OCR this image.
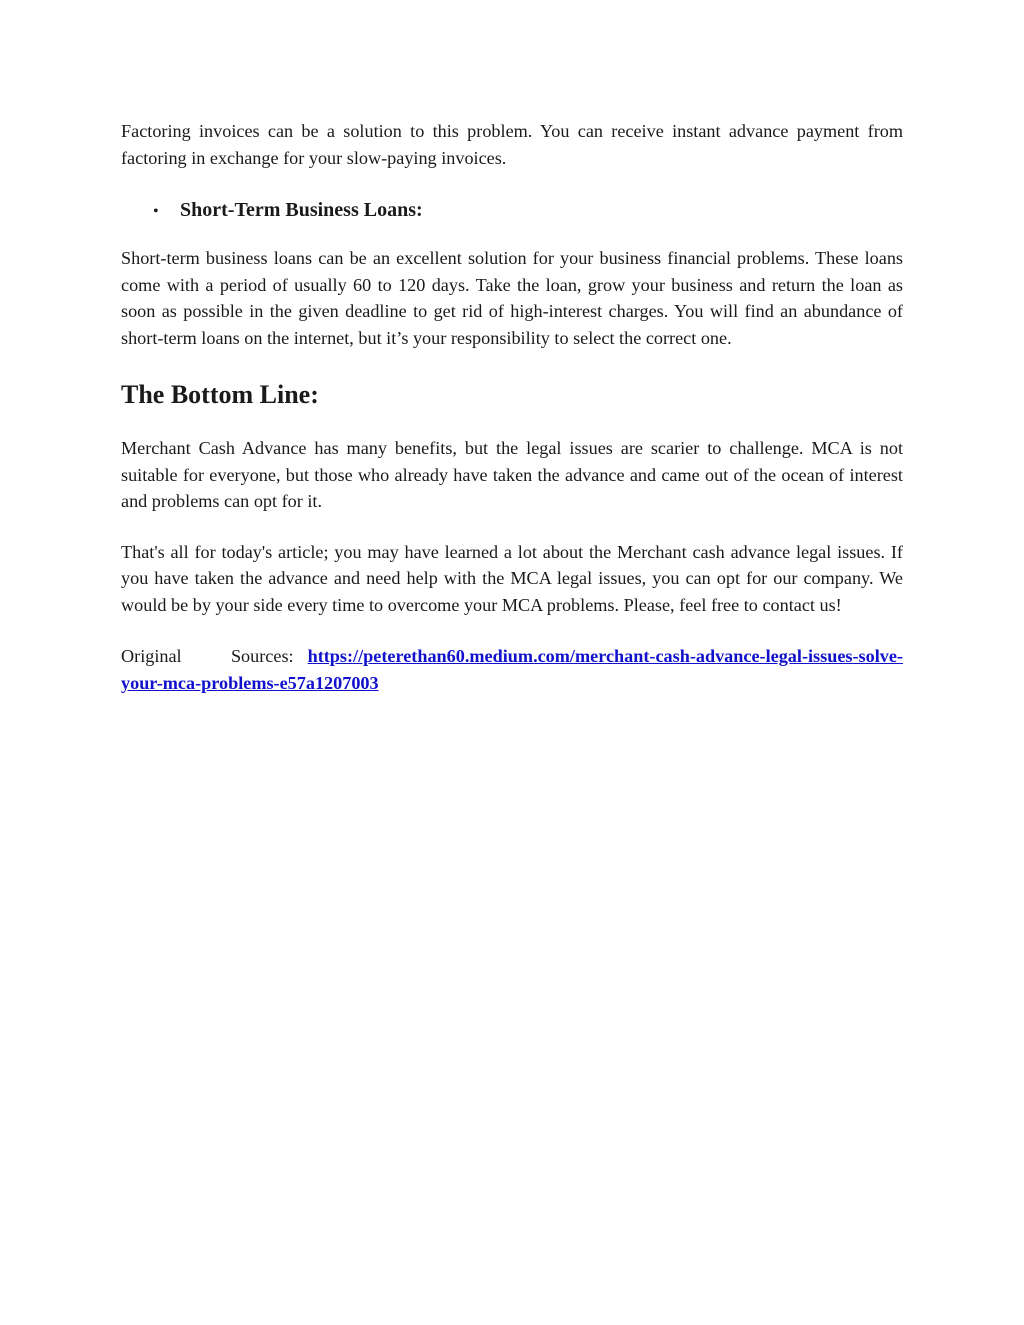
Factoring invoices can be a solution to this problem. You can receive instant advance payment from factoring in exchange for your slow-paying invoices.

•	Short-Term Business Loans:

Short-term business loans can be an excellent solution for your business financial problems. These loans come with a period of usually 60 to 120 days. Take the loan, grow your business and return the loan as soon as possible in the given deadline to get rid of high-interest charges. You will find an abundance of short-term loans on the internet, but it’s your responsibility to select the correct one.

The Bottom Line:

Merchant Cash Advance has many benefits, but the legal issues are scarier to challenge. MCA is not suitable for everyone, but those who already have taken the advance and came out of the ocean of interest and problems can opt for it.

That's all for today's article; you may have learned a lot about the Merchant cash advance legal issues. If you have taken the advance and need help with the MCA legal issues, you can opt for our company. We would be by your side every time to overcome your MCA problems. Please, feel free to contact us!

Original Sources: https://peterethan60.medium.com/merchant-cash-advance-legal-issues-solve-your-mca-problems-e57a1207003
